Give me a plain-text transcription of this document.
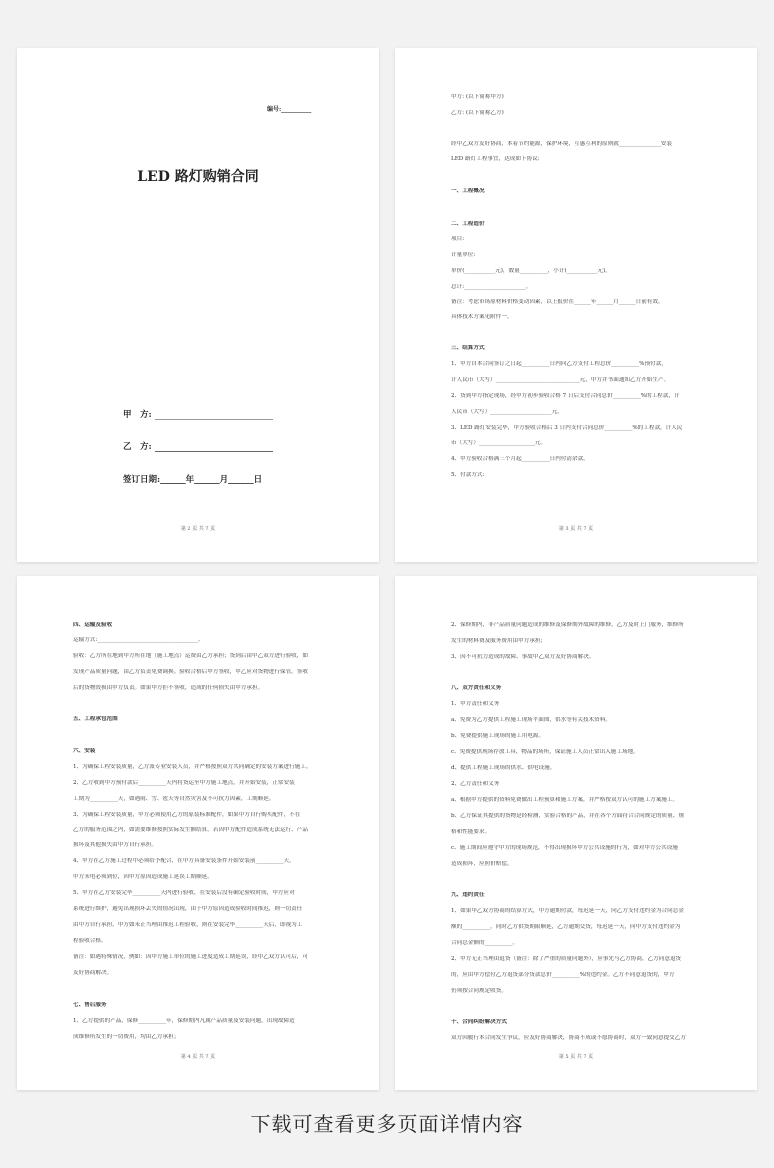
编号:__________
LED 路灯购销合同
甲　方:
乙　方:
签订日期:______年______月______日
第 2 页 共 7 页
甲方: (以下简称甲方)
乙方: (以下简称乙方)
经甲乙双方友好协商，本着节约能源，保护环境，互惠互利的原则就_______________安装
LED 路灯工程事宜，达成如下协议:
一、工程概况
二、工程造价
项目:
计量单位:
单价(___________元)，数量__________，小计(___________元)，
总计:______________________。
备注：考虑市场原材料价格变动因素，以上报价在______年______月______日前有效。
具体技术方案见附件一。
三、结算方式
1、甲方自本合同签订之日起__________日内向乙方支付工程总价__________%预付款，
计人民币（大写）______________________________元，甲方并书面通知乙方开始生产。
2、货到甲方指定现场，经甲方初步验收合格 7 日后支付合同总价__________%的工程款，计
人民币（大写）______________________元。
3、LED 路灯安装完毕，甲方验收合格后 3 日内支付合同总价__________%的工程款，计人民
币（大写）____________________元。
4、甲方验收合格满三个月起__________日内付清余款。
5、付款方式:
第 3 页 共 7 页
四、运输及验收
运输方式:____________________________________。
验收：乙方所在地到甲方所在地（施工地点）运费由乙方承担；货到后由甲乙双方进行验收，如
发现产品质量问题，由乙方负责免费调换。验收合格后甲方签收，甲乙应对货物进行保管，签收
后的货物毁损由甲方负责。如果甲方拒不签收，造成的任何损失由甲方承担。
五、工程承包范围
六、安装
1、为确保工程安装质量，乙方派专业安装人员，并严格按照双方共同确定的安装方案进行施工。
2、乙方收到甲方预付款后__________天内将货运至甲方施工地点，并开始安装，正常安装
工期为__________天，如遇雨、雪、雹天等自然灾害及不可抗力因素，工期顺延。
3、为确保工程安装质量，甲方必须使用乙方的原装标准配件，如果甲方自行购买配件，不在
乙方的服务范围之内，如需要维修按照实际发生额结算。若因甲方配件造成系统无法运行、产品
损坏及其他损失由甲方自行承担。
4、甲方在乙方施工过程中必须给予配合，在甲方具备安装条件开始安装前__________天，
甲方未电必须到位，因甲方原因造成施工延误工期顺延。
5、甲方在乙方安装完毕__________天内进行验收，在安装后没有确定验收时间，甲方应对
系统进行维护，避免出现损坏丢失的情况出现，由于甲方原因造成验收时间推迟，则一切责任
由甲方自行承担，甲方如未正当理由推迟工程验收，则在安装完毕__________天后，即视为工
程验收合格。
备注：如遇特殊情况，例如：因甲方施工单位的施工进度造成工期延误，经甲乙双方认可后，可
友好协商解决。
七、售后服务
1、乙方提供的产品，保修__________年，保修期内凡属产品质量及安装问题，出现故障造
成维修所发生的一切费用，均由乙方承担；
第 4 页 共 7 页
2、保修期内，非产品质量问题造成的维修及保修期外故障的维修，乙方及时上门服务，维修所
发生的材料费及服务费用由甲方承担;
3、因不可抗力造成的故障、事故甲乙双方友好协商解决。
八、双方责任和义务
1、甲方责任和义务
a、免费为乙方提供工程施工现场平面图，供水等有关技术资料。
b、免费提供施工现场的施工用电源。
c、免费提供现场存放工具、物品的场所，保证施工人员正常出入施工场地。
d、提供工程施工现场的供水、供电设施。
2、乙方责任和义务
a、根据甲方提供的资料免费做出工程预算和施工方案，并严格按双方认可的施工方案施工。
b、乙方保证其提供的货物是经检测，实验合格的产品，并在各个方面符合合同规定的质量、规
格和性能要求。
c、施工期间应遵守甲方的现场规范，不得出现损坏甲方公共设施的行为，如对甲方公共设施
造成损坏，应照价赔偿。
九、违约责任
1、如果甲乙双方协商的结算方式，甲方逾期付款，每迟延一天，向乙方支付违约金为合同总金
额的__________，同时乙方供货期限顺延，乙方逾期交货，每迟延一天，向甲方支付违约金为
合同总金额的__________。
2、甲方无正当理由退货（备注：除了严重的质量问题外），应事先与乙方协商，乙方同意退货
的，应由甲方偿付乙方退货部分货款总价__________%的违约金。乙方不同意退货的，甲方
仍须按合同规定收货。
十、合同纠纷解决方式
双方因履行本合同发生争议，应友好协商解决，协商不成或不愿协商时，双方一致同意提交乙方
第 5 页 共 7 页
下载可查看更多页面详情内容
